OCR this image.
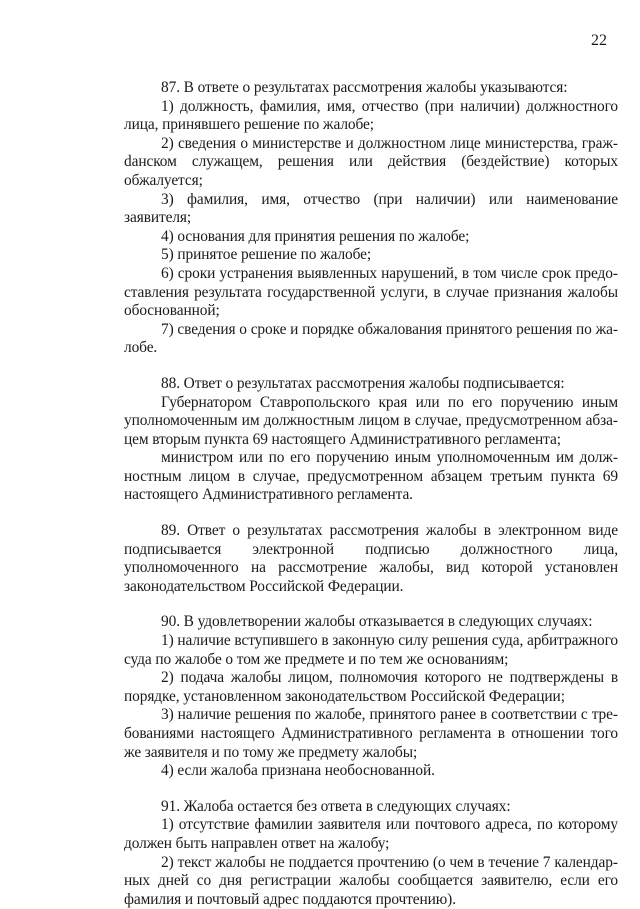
22

87. В ответе о результатах рассмотрения жалобы указываются:

1) должность, фамилия, имя, отчество (при наличии) должностного лица, принявшего решение по жалобе;

2) сведения о министерстве и должностном лице министерства, гражdанском служащем, решения или действия (бездействие) которых обжалуется;

3) фамилия, имя, отчество (при наличии) или наименование заявителя;

4) основания для принятия решения по жалобе;

5) принятое решение по жалобе;

6) сроки устранения выявленных нарушений, в том числе срок предоставления результата государственной услуги, в случае признания жалобы обоснованной;

7) сведения о сроке и порядке обжалования принятого решения по жалобе.

88. Ответ о результатах рассмотрения жалобы подписывается:

Губернатором Ставропольского края или по его поручению иным уполномоченным им должностным лицом в случае, предусмотренном абзацем вторым пункта 69 настоящего Административного регламента;

министром или по его поручению иным уполномоченным им должностным лицом в случае, предусмотренном абзацем третьим пункта 69 настоящего Административного регламента.

89. Ответ о результатах рассмотрения жалобы в электронном виде подписывается электронной подписью должностного лица, уполномоченного на рассмотрение жалобы, вид которой установлен законодательством Российской Федерации.

90. В удовлетворении жалобы отказывается в следующих случаях:

1) наличие вступившего в законную силу решения суда, арбитражного суда по жалобе о том же предмете и по тем же основаниям;

2) подача жалобы лицом, полномочия которого не подтверждены в порядке, установленном законодательством Российской Федерации;

3) наличие решения по жалобе, принятого ранее в соответствии с требованиями настоящего Административного регламента в отношении того же заявителя и по тому же предмету жалобы;

4) если жалоба признана необоснованной.

91. Жалоба остается без ответа в следующих случаях:

1) отсутствие фамилии заявителя или почтового адреса, по которому должен быть направлен ответ на жалобу;

2) текст жалобы не поддается прочтению (о чем в течение 7 календарных дней со дня регистрации жалобы сообщается заявителю, если его фамилия и почтовый адрес поддаются прочтению).
